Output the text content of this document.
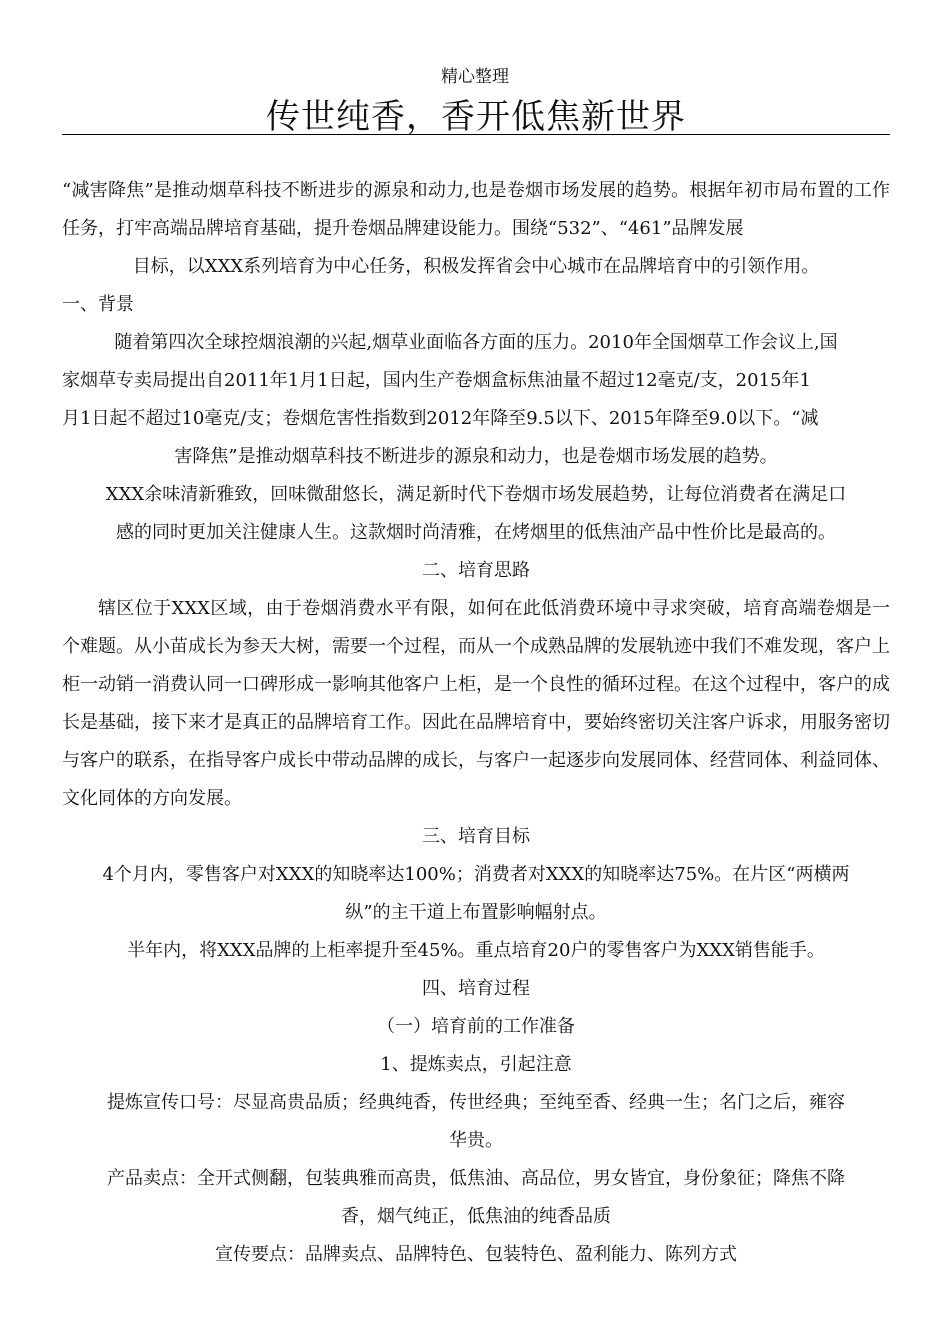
精心整理
传世纯香，香开低焦新世界

“减害降焦”是推动烟草科技不断进步的源泉和动力,也是卷烟市场发展的趋势。根据年初市局布置的工作任务，打牢高端品牌培育基础，提升卷烟品牌建设能力。围绕“532”、“461”品牌发展

目标，以XXX系列培育为中心任务，积极发挥省会中心城市在品牌培育中的引领作用。

一、背景

随着第四次全球控烟浪潮的兴起,烟草业面临各方面的压力。2010年全国烟草工作会议上,国

家烟草专卖局提出自2011年1月1日起，国内生产卷烟盒标焦油量不超过12毫克/支，2015年1

月1日起不超过10毫克/支；卷烟危害性指数到2012年降至9.5以下、2015年降至9.0以下。“减

害降焦”是推动烟草科技不断进步的源泉和动力，也是卷烟市场发展的趋势。

XXX余味清新雅致，回味微甜悠长，满足新时代下卷烟市场发展趋势，让每位消费者在满足口

感的同时更加关注健康人生。这款烟时尚清雅，在烤烟里的低焦油产品中性价比是最高的。

二、培育思路

辖区位于XXX区域，由于卷烟消费水平有限，如何在此低消费环境中寻求突破，培育高端卷烟是一个难题。从小苗成长为参天大树，需要一个过程，而从一个成熟品牌的发展轨迹中我们不难发现，客户上柜一动销一消费认同一口碑形成一影响其他客户上柜，是一个良性的循环过程。在这个过程中，客户的成长是基础，接下来才是真正的品牌培育工作。因此在品牌培育中，要始终密切关注客户诉求，用服务密切与客户的联系，在指导客户成长中带动品牌的成长，与客户一起逐步向发展同体、经营同体、利益同体、文化同体的方向发展。

三、培育目标

4个月内，零售客户对XXX的知晓率达100%；消费者对XXX的知晓率达75%。在片区“两横两

纵”的主干道上布置影响幅射点。

半年内，将XXX品牌的上柜率提升至45%。重点培育20户的零售客户为XXX销售能手。

四、培育过程

（一）培育前的工作准备

1、提炼卖点，引起注意

提炼宣传口号：尽显高贵品质；经典纯香，传世经典；至纯至香、经典一生；名门之后，雍容

华贵。

产品卖点：全开式侧翻，包装典雅而高贵，低焦油、高品位，男女皆宜，身份象征；降焦不降

香，烟气纯正，低焦油的纯香品质

宣传要点：品牌卖点、品牌特色、包装特色、盈利能力、陈列方式
